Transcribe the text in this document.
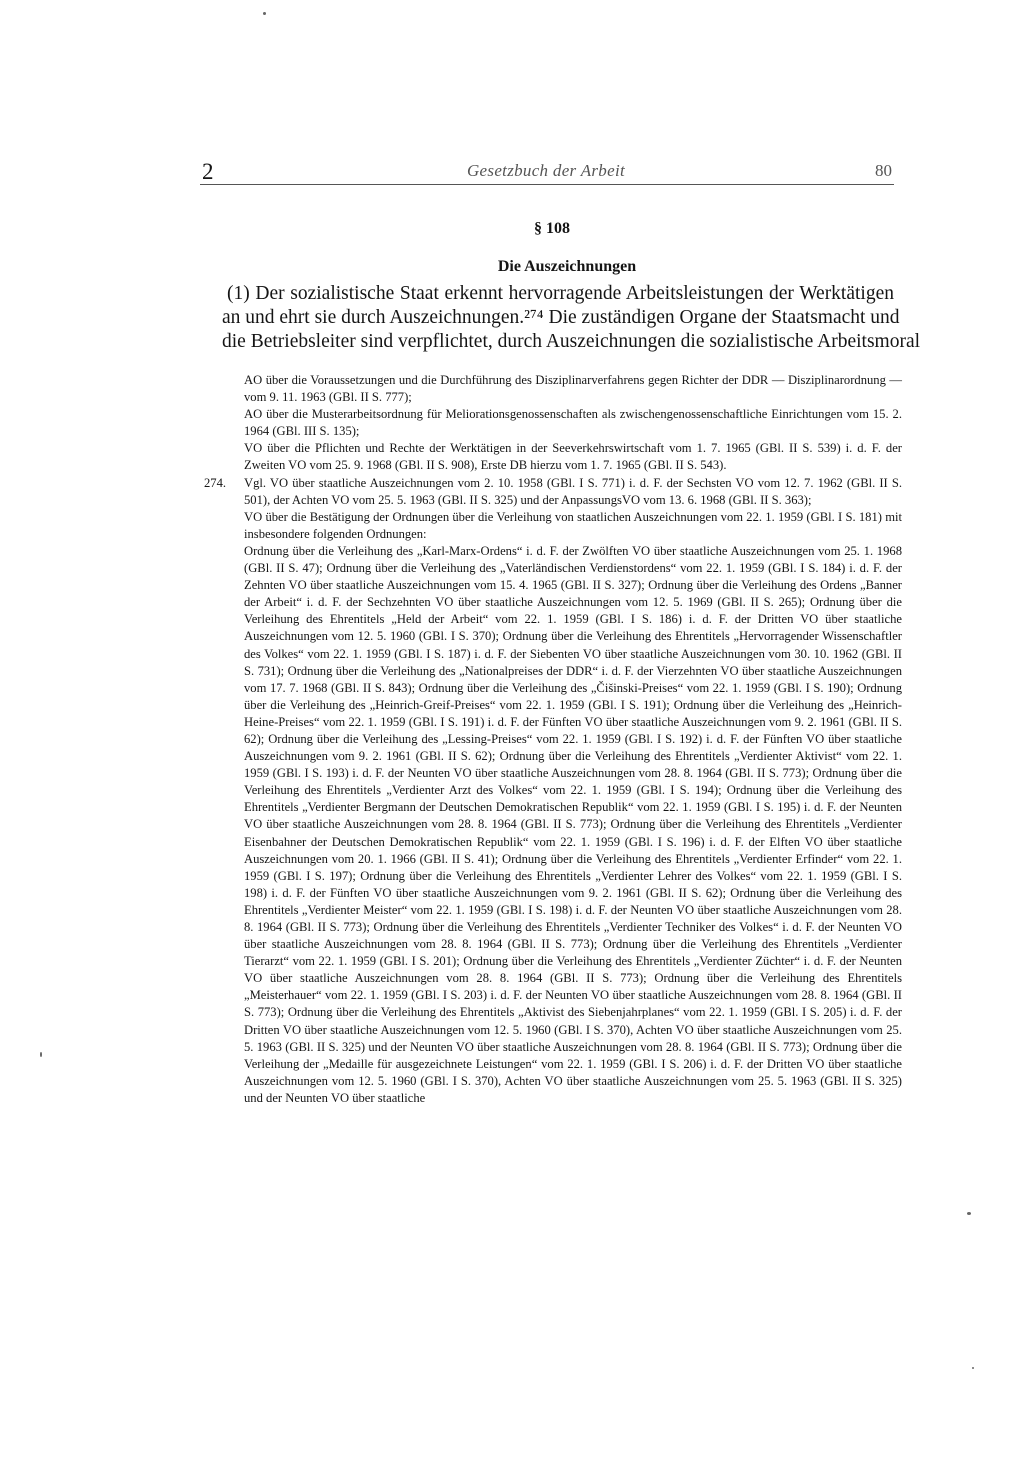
2	Gesetzbuch der Arbeit	80
§ 108
Die Auszeichnungen
(1) Der sozialistische Staat erkennt hervorragende Arbeitsleistungen der Werktätigen
an und ehrt sie durch Auszeichnungen.²⁷⁴ Die zuständigen Organe der Staatsmacht und
die Betriebsleiter sind verpflichtet, durch Auszeichnungen die sozialistische Arbeitsmoral

AO über die Voraussetzungen und die Durchführung des Disziplinarverfahrens gegen Richter der DDR — Disziplinarordnung — vom 9. 11. 1963 (GBl. II S. 777);

AO über die Musterarbeitsordnung für Meliorationsgenossenschaften als zwischengenossenschaftliche Einrichtungen vom 15. 2. 1964 (GBl. III S. 135);

VO über die Pflichten und Rechte der Werktätigen in der Seeverkehrswirtschaft vom 1. 7. 1965 (GBl. II S. 539) i. d. F. der Zweiten VO vom 25. 9. 1968 (GBl. II S. 908), Erste DB hierzu vom 1. 7. 1965 (GBl. II S. 543).

274. Vgl. VO über staatliche Auszeichnungen vom 2. 10. 1958 (GBl. I S. 771) i. d. F. der Sechsten VO vom 12. 7. 1962 (GBl. II S. 501), der Achten VO vom 25. 5. 1963 (GBl. II S. 325) und der AnpassungsVO vom 13. 6. 1968 (GBl. II S. 363);

VO über die Bestätigung der Ordnungen über die Verleihung von staatlichen Auszeichnungen vom 22. 1. 1959 (GBl. I S. 181) mit insbesondere folgenden Ordnungen:

Ordnung über die Verleihung des „Karl-Marx-Ordens“ i. d. F. der Zwölften VO über staatliche Auszeichnungen vom 25. 1. 1968 (GBl. II S. 47); Ordnung über die Verleihung des „Vaterländischen Verdienstordens“ vom 22. 1. 1959 (GBl. I S. 184) i. d. F. der Zehnten VO über staatliche Auszeichnungen vom 15. 4. 1965 (GBl. II S. 327); Ordnung über die Verleihung des Ordens „Banner der Arbeit“ i. d. F. der Sechzehnten VO über staatliche Auszeichnungen vom 12. 5. 1969 (GBl. II S. 265); Ordnung über die Verleihung des Ehrentitels „Held der Arbeit“ vom 22. 1. 1959 (GBl. I S. 186) i. d. F. der Dritten VO über staatliche Auszeichnungen vom 12. 5. 1960 (GBl. I S. 370); Ordnung über die Verleihung des Ehrentitels „Hervorragender Wissenschaftler des Volkes“ vom 22. 1. 1959 (GBl. I S. 187) i. d. F. der Siebenten VO über staatliche Auszeichnungen vom 30. 10. 1962 (GBl. II S. 731); Ordnung über die Verleihung des „Nationalpreises der DDR“ i. d. F. der Vierzehnten VO über staatliche Auszeichnungen vom 17. 7. 1968 (GBl. II S. 843); Ordnung über die Verleihung des „Čišinski-Preises“ vom 22. 1. 1959 (GBl. I S. 190); Ordnung über die Verleihung des „Heinrich-Greif-Preises“ vom 22. 1. 1959 (GBl. I S. 191); Ordnung über die Verleihung des „Heinrich-Heine-Preises“ vom 22. 1. 1959 (GBl. I S. 191) i. d. F. der Fünften VO über staatliche Auszeichnungen vom 9. 2. 1961 (GBl. II S. 62); Ordnung über die Verleihung des „Lessing-Preises“ vom 22. 1. 1959 (GBl. I S. 192) i. d. F. der Fünften VO über staatliche Auszeichnungen vom 9. 2. 1961 (GBl. II S. 62); Ordnung über die Verleihung des Ehrentitels „Verdienter Aktivist“ vom 22. 1. 1959 (GBl. I S. 193) i. d. F. der Neunten VO über staatliche Auszeichnungen vom 28. 8. 1964 (GBl. II S. 773); Ordnung über die Verleihung des Ehrentitels „Verdienter Arzt des Volkes“ vom 22. 1. 1959 (GBl. I S. 194); Ordnung über die Verleihung des Ehrentitels „Verdienter Bergmann der Deutschen Demokratischen Republik“ vom 22. 1. 1959 (GBl. I S. 195) i. d. F. der Neunten VO über staatliche Auszeichnungen vom 28. 8. 1964 (GBl. II S. 773); Ordnung über die Verleihung des Ehrentitels „Verdienter Eisenbahner der Deutschen Demokratischen Republik“ vom 22. 1. 1959 (GBl. I S. 196) i. d. F. der Elften VO über staatliche Auszeichnungen vom 20. 1. 1966 (GBl. II S. 41); Ordnung über die Verleihung des Ehrentitels „Verdienter Erfinder“ vom 22. 1. 1959 (GBl. I S. 197); Ordnung über die Verleihung des Ehrentitels „Verdienter Lehrer des Volkes“ vom 22. 1. 1959 (GBl. I S. 198) i. d. F. der Fünften VO über staatliche Auszeichnungen vom 9. 2. 1961 (GBl. II S. 62); Ordnung über die Verleihung des Ehrentitels „Verdienter Meister“ vom 22. 1. 1959 (GBl. I S. 198) i. d. F. der Neunten VO über staatliche Auszeichnungen vom 28. 8. 1964 (GBl. II S. 773); Ordnung über die Verleihung des Ehrentitels „Verdienter Techniker des Volkes“ i. d. F. der Neunten VO über staatliche Auszeichnungen vom 28. 8. 1964 (GBl. II S. 773); Ordnung über die Verleihung des Ehrentitels „Verdienter Tierarzt“ vom 22. 1. 1959 (GBl. I S. 201); Ordnung über die Verleihung des Ehrentitels „Verdienter Züchter“ i. d. F. der Neunten VO über staatliche Auszeichnungen vom 28. 8. 1964 (GBl. II S. 773); Ordnung über die Verleihung des Ehrentitels „Meisterhauer“ vom 22. 1. 1959 (GBl. I S. 203) i. d. F. der Neunten VO über staatliche Auszeichnungen vom 28. 8. 1964 (GBl. II S. 773); Ordnung über die Verleihung des Ehrentitels „Aktivist des Siebenjahrplanes“ vom 22. 1. 1959 (GBl. I S. 205) i. d. F. der Dritten VO über staatliche Auszeichnungen vom 12. 5. 1960 (GBl. I S. 370), Achten VO über staatliche Auszeichnungen vom 25. 5. 1963 (GBl. II S. 325) und der Neunten VO über staatliche Auszeichnungen vom 28. 8. 1964 (GBl. II S. 773); Ordnung über die Verleihung der „Medaille für ausgezeichnete Leistungen“ vom 22. 1. 1959 (GBl. I S. 206) i. d. F. der Dritten VO über staatliche Auszeichnungen vom 12. 5. 1960 (GBl. I S. 370), Achten VO über staatliche Auszeichnungen vom 25. 5. 1963 (GBl. II S. 325) und der Neunten VO über staatliche
